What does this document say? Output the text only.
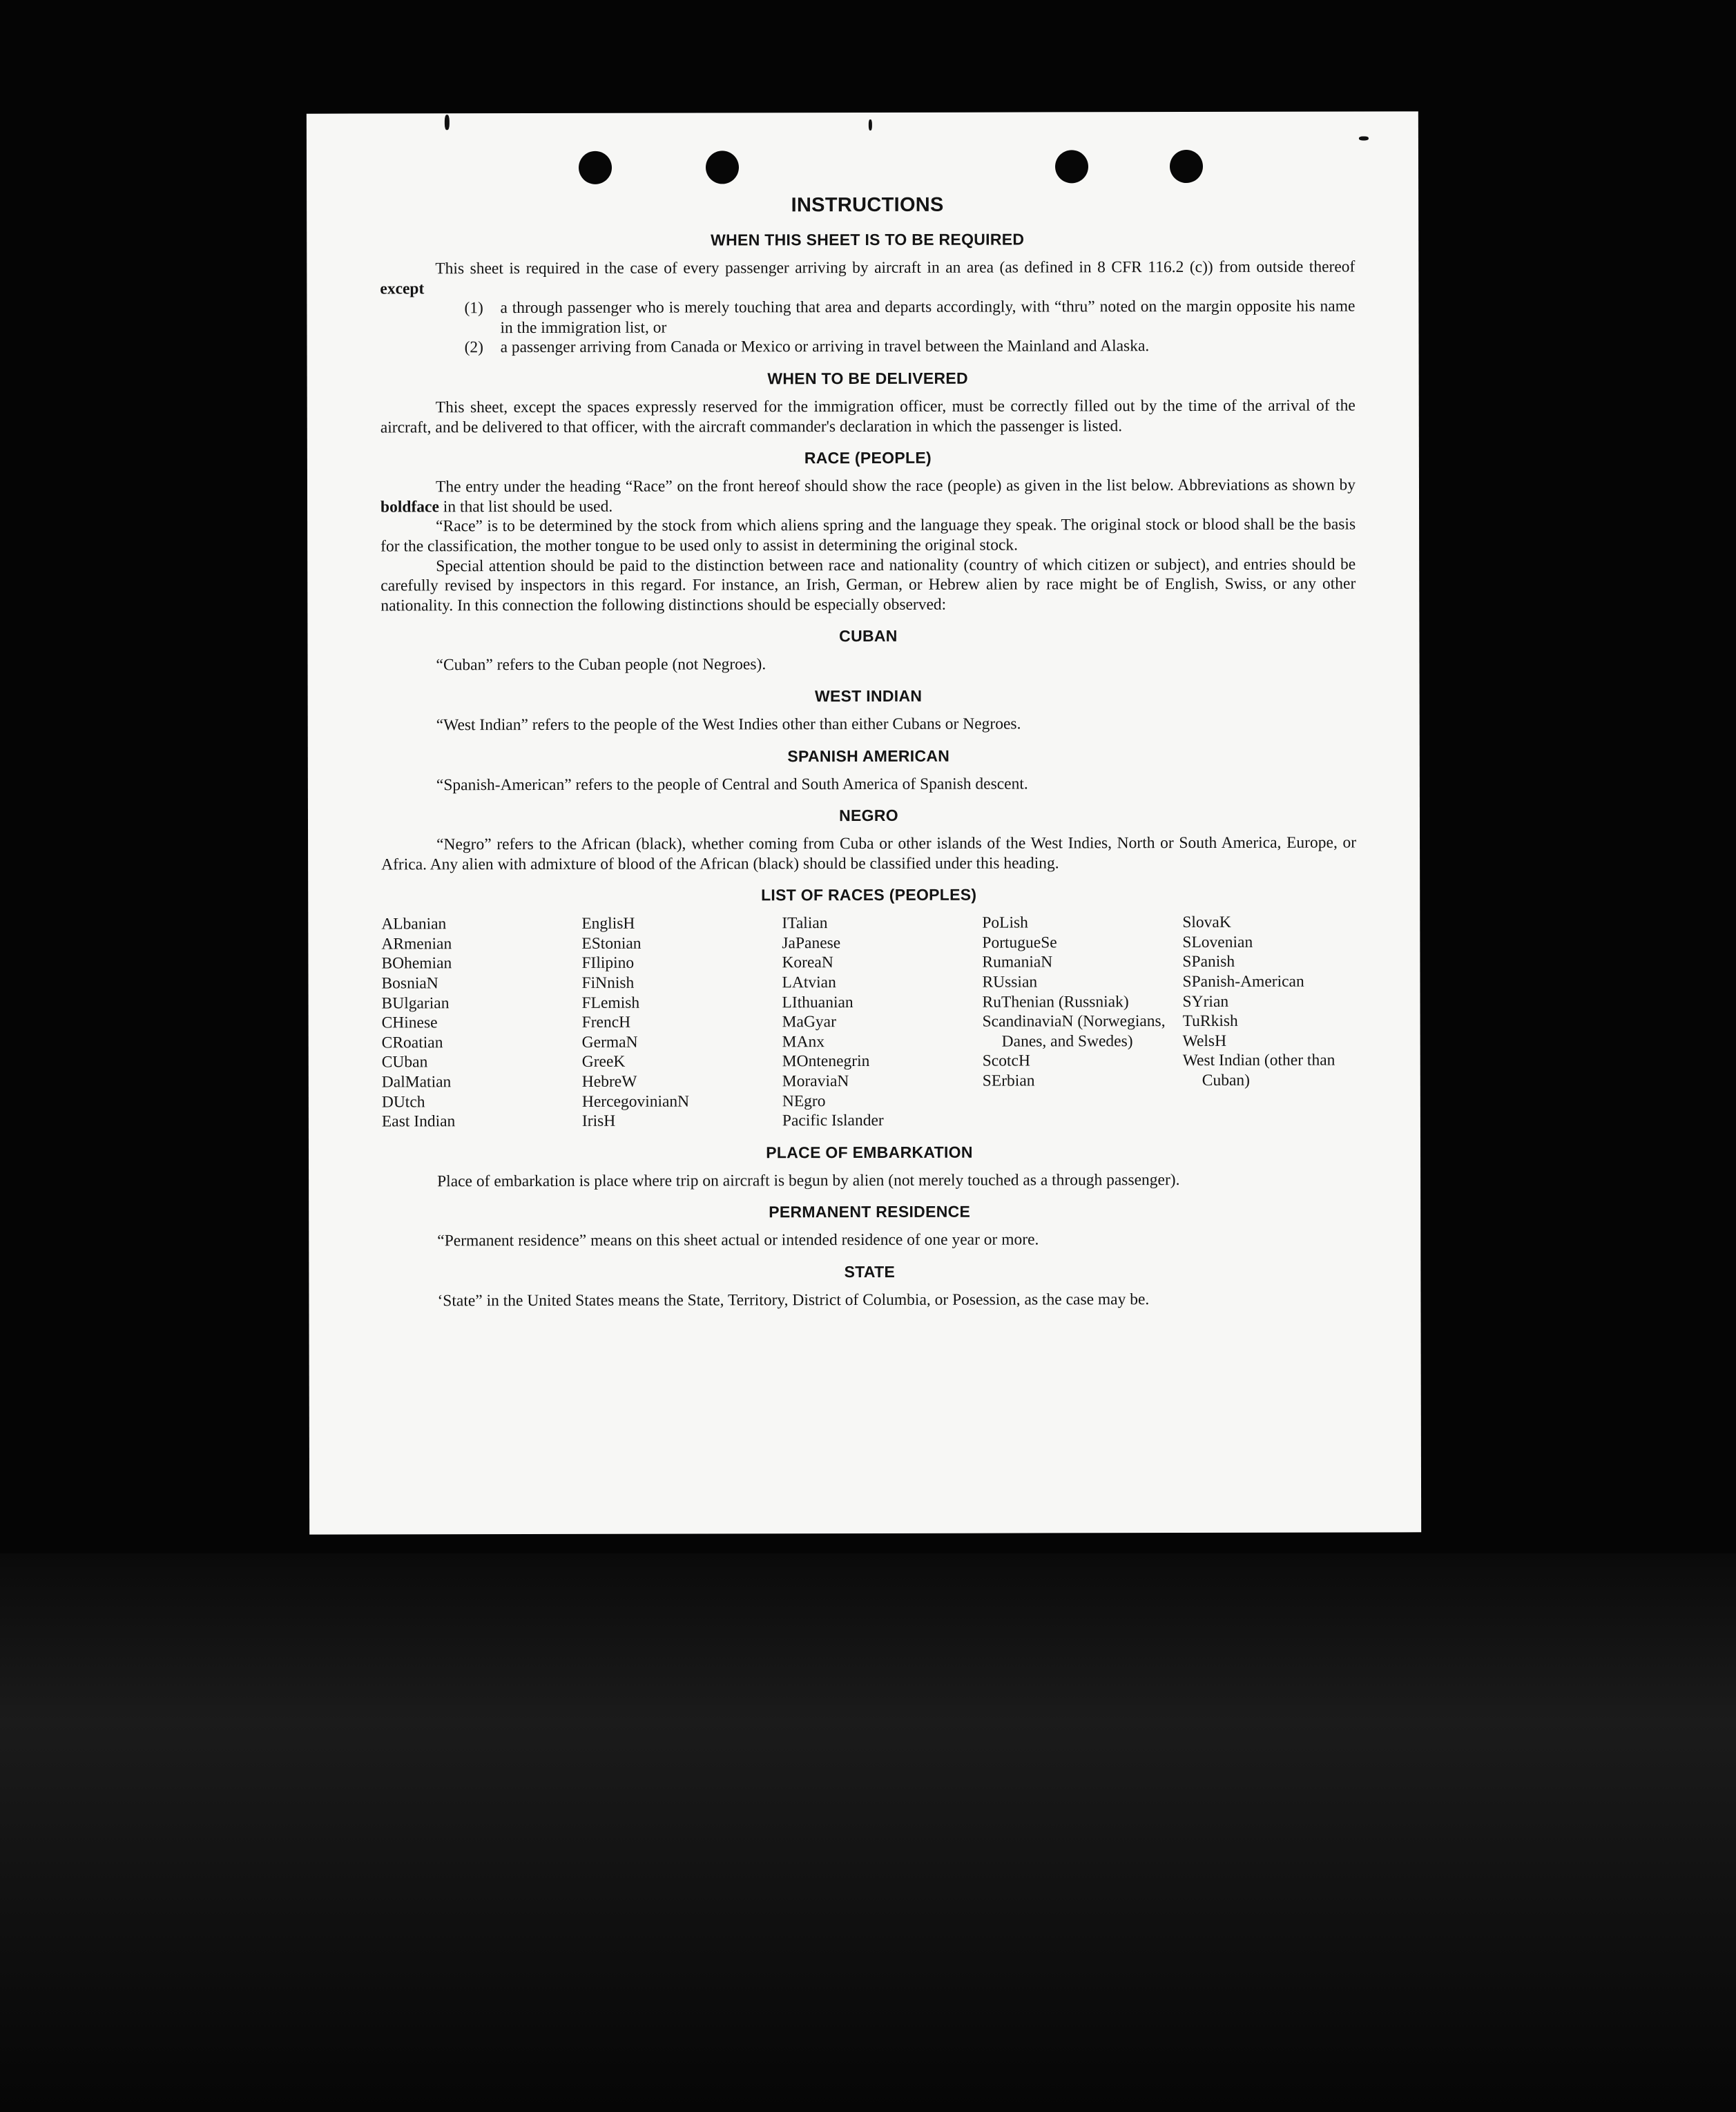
INSTRUCTIONS
WHEN THIS SHEET IS TO BE REQUIRED

This sheet is required in the case of every passenger arriving by aircraft in an area (as defined in 8 CFR 116.2 (c)) from outside thereof except

(1)	a through passenger who is merely touching that area and departs accordingly, with “thru” noted on the margin opposite his name in the immigration list, or
(2)	a passenger arriving from Canada or Mexico or arriving in travel between the Mainland and Alaska.
WHEN TO BE DELIVERED

This sheet, except the spaces expressly reserved for the immigration officer, must be correctly filled out by the time of the arrival of the aircraft, and be delivered to that officer, with the aircraft commander's declaration in which the passenger is listed.

RACE (PEOPLE)

The entry under the heading “Race” on the front hereof should show the race (people) as given in the list below. Abbreviations as shown by boldface in that list should be used.

“Race” is to be determined by the stock from which aliens spring and the language they speak. The original stock or blood shall be the basis for the classification, the mother tongue to be used only to assist in determining the original stock.

Special attention should be paid to the distinction between race and nationality (country of which citizen or subject), and entries should be carefully revised by inspectors in this regard. For instance, an Irish, German, or Hebrew alien by race might be of English, Swiss, or any other nationality. In this connection the following distinctions should be especially observed:

CUBAN

“Cuban” refers to the Cuban people (not Negroes).

WEST INDIAN

“West Indian” refers to the people of the West Indies other than either Cubans or Negroes.

SPANISH AMERICAN

“Spanish-American” refers to the people of Central and South America of Spanish descent.

NEGRO

“Negro” refers to the African (black), whether coming from Cuba or other islands of the West Indies, North or South America, Europe, or Africa. Any alien with admixture of blood of the African (black) should be classified under this heading.

LIST OF RACES (PEOPLES)
ALbanian
ARmenian
BOhemian
BosniaN
BUlgarian
CHinese
CRoatian
CUban
DalMatian
DUtch
East Indian
EnglisH
EStonian
FIlipino
FiNnish
FLemish
FrencH
GermaN
GreeK
HebreW
HercegovinianN
IrisH
ITalian
JaPanese
KoreaN
LAtvian
LIthuanian
MaGyar
MAnx
MOntenegrin
MoraviaN
NEgro
Pacific Islander
PoLish
PortugueSe
RumaniaN
RUssian
RuThenian (Russniak)
ScandinaviaN (Norwegians, Danes, and Swedes)
ScotcH
SErbian
SlovaK
SLovenian
SPanish
SPanish-American
SYrian
TuRkish
WelsH
West Indian (other than Cuban)
PLACE OF EMBARKATION

Place of embarkation is place where trip on aircraft is begun by alien (not merely touched as a through passenger).

PERMANENT RESIDENCE

“Permanent residence” means on this sheet actual or intended residence of one year or more.

STATE

‘State” in the United States means the State, Territory, District of Columbia, or Posession, as the case may be.
